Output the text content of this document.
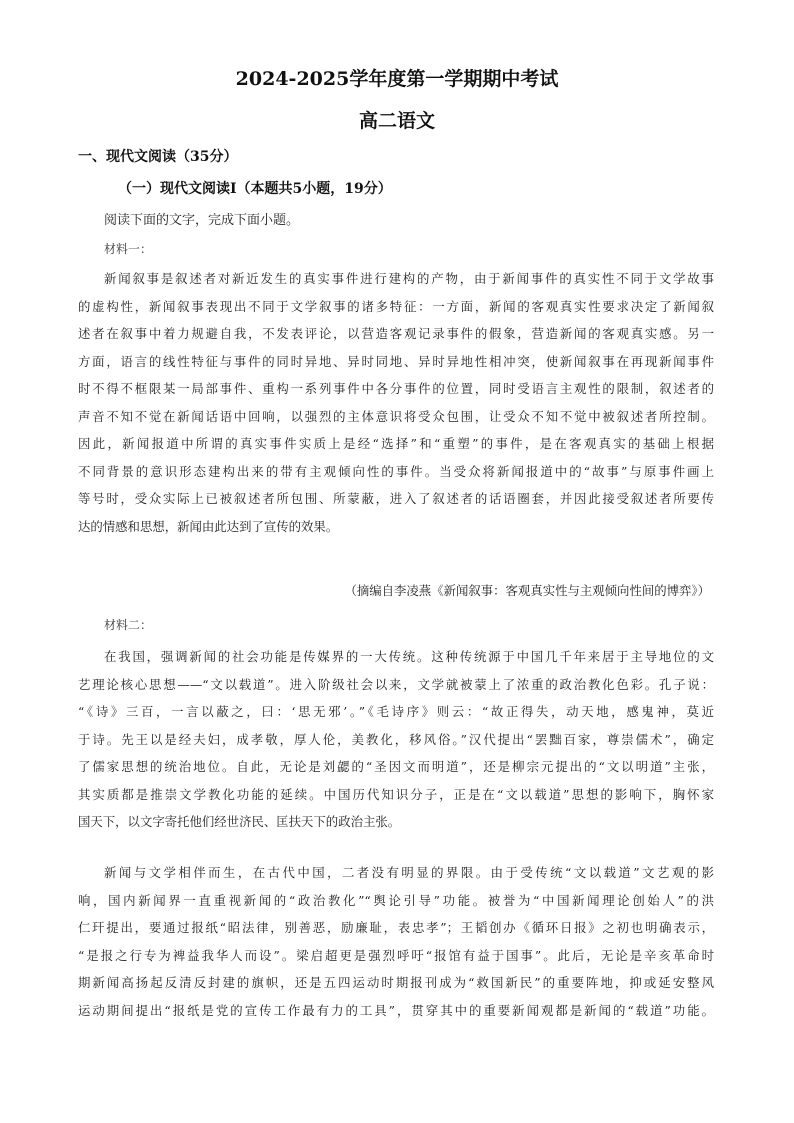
2024-2025学年度第一学期期中考试
高二语文
一、现代文阅读（35分）
（一）现代文阅读Ⅰ（本题共5小题，19分）
阅读下面的文字，完成下面小题。
材料一：
新闻叙事是叙述者对新近发生的真实事件进行建构的产物，由于新闻事件的真实性不同于文学故事
的虚构性，新闻叙事表现出不同于文学叙事的诸多特征：一方面，新闻的客观真实性要求决定了新闻叙
述者在叙事中着力规避自我，不发表评论，以营造客观记录事件的假象，营造新闻的客观真实感。另一
方面，语言的线性特征与事件的同时异地、异时同地、异时异地性相冲突，使新闻叙事在再现新闻事件
时不得不框限某一局部事件、重构一系列事件中各分事件的位置，同时受语言主观性的限制，叙述者的
声音不知不觉在新闻话语中回响，以强烈的主体意识将受众包围，让受众不知不觉中被叙述者所控制。
因此，新闻报道中所谓的真实事件实质上是经“选择”和“重塑”的事件，是在客观真实的基础上根据
不同背景的意识形态建构出来的带有主观倾向性的事件。当受众将新闻报道中的“故事”与原事件画上
等号时，受众实际上已被叙述者所包围、所蒙蔽，进入了叙述者的话语圈套，并因此接受叙述者所要传
达的情感和思想，新闻由此达到了宣传的效果。
（摘编自李凌燕《新闻叙事：客观真实性与主观倾向性间的博弈》）
材料二：
在我国，强调新闻的社会功能是传媒界的一大传统。这种传统源于中国几千年来居于主导地位的文
艺理论核心思想——“文以载道”。进入阶级社会以来，文学就被蒙上了浓重的政治教化色彩。孔子说：
“《诗》三百，一言以蔽之，曰：‘思无邪’。”《毛诗序》则云：“故正得失，动天地，感鬼神，莫近
于诗。先王以是经夫妇，成孝敬，厚人伦，美教化，移风俗。”汉代提出“罢黜百家，尊崇儒术”，确定
了儒家思想的统治地位。自此，无论是刘勰的“圣因文而明道”，还是柳宗元提出的“文以明道”主张，
其实质都是推崇文学教化功能的延续。中国历代知识分子，正是在“文以载道”思想的影响下，胸怀家
国天下，以文字寄托他们经世济民、匡扶天下的政治主张。
新闻与文学相伴而生，在古代中国，二者没有明显的界限。由于受传统“文以载道”文艺观的影
响，国内新闻界一直重视新闻的“政治教化”“舆论引导”功能。被誉为“中国新闻理论创始人”的洪
仁玕提出，要通过报纸“昭法律，别善恶，励廉耻，表忠孝”；王韬创办《循环日报》之初也明确表示，
“是报之行专为裨益我华人而设”。梁启超更是强烈呼吁“报馆有益于国事”。此后，无论是辛亥革命时
期新闻高扬起反清反封建的旗帜，还是五四运动时期报刊成为“救国新民”的重要阵地，抑或延安整风
运动期间提出“报纸是党的宣传工作最有力的工具”，贯穿其中的重要新闻观都是新闻的“载道”功能。
